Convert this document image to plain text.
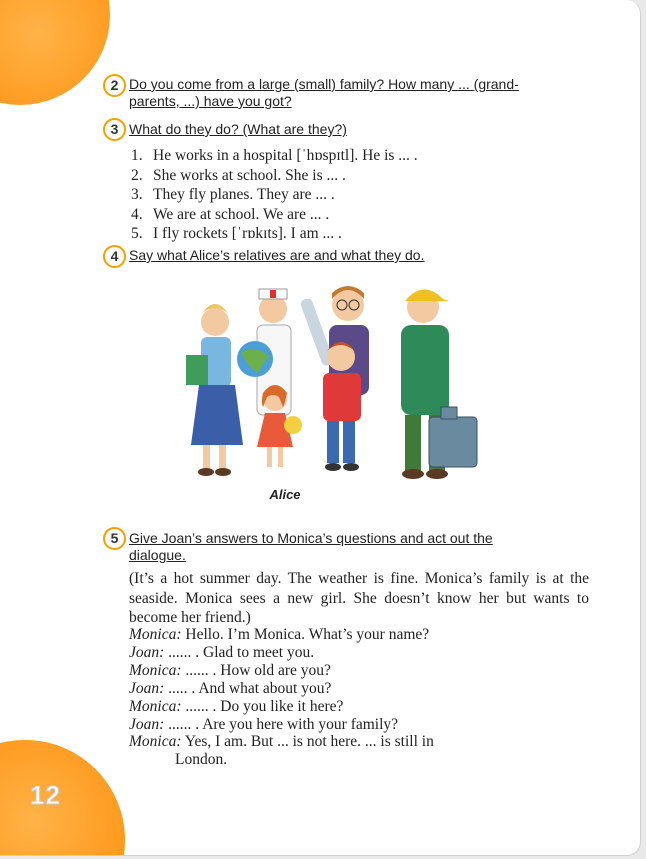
12
2 Do you come from a large (small) family? How many ... (grand-
parents, ...) have you got?
3 What do they do? (What are they?)
1. He works in a hospital [ˈhɒspɪtl]. He is ... .
2. She works at school. She is ... .
3. They fly planes. They are ... .
4. We are at school. We are ... .
5. I fly rockets [ˈrɒkɪts]. I am ... .
4 Say what Alice’s relatives are and what they do.
Alice
5 Give Joan’s answers to Monica’s questions and act out the
dialogue.

(It’s a hot summer day. The weather is fine. Monica’s family is at the seaside. Monica sees a new girl. She doesn’t know her but wants to become her friend.)

Monica: Hello. I’m Monica. What’s your name?
Joan: ...... . Glad to meet you.
Monica: ...... . How old are you?
Joan: ..... . And what about you?
Monica: ...... . Do you like it here?
Joan: ...... . Are you here with your family?
Monica: Yes, I am. But ... is not here. ... is still in
London.
